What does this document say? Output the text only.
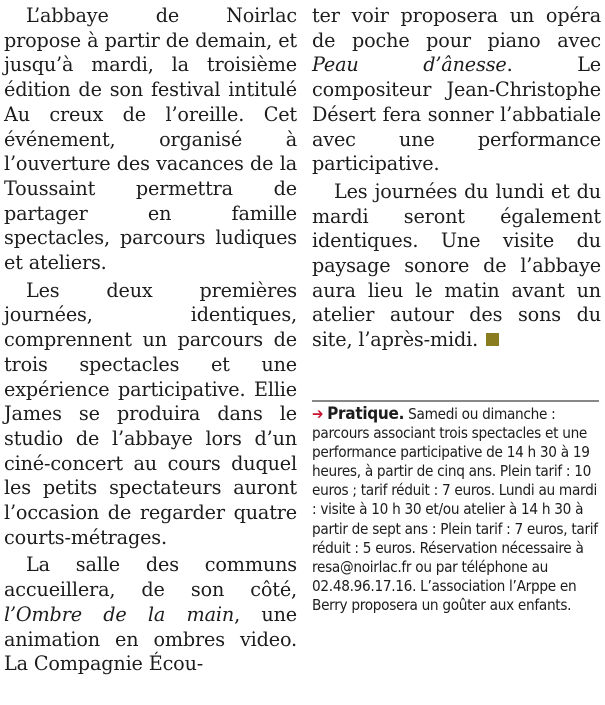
L’abbaye de Noirlac propose à partir de demain, et jusqu’à mardi, la troisième édition de son festival intitulé Au creux de l’oreille. Cet événement, organisé à l’ouverture des vacances de la Toussaint permettra de partager en famille spectacles, parcours ludiques et ateliers.

Les deux premières journées, identiques, comprennent un parcours de trois spectacles et une expérience participative. Ellie James se produira dans le studio de l’abbaye lors d’un ciné-concert au cours duquel les petits spectateurs auront l’occasion de regarder quatre courts-métrages.

La salle des communs accueillera, de son côté, l’Ombre de la main, une animation en ombres video. La Compagnie Écou-

ter voir proposera un opéra de poche pour piano avec Peau d’ânesse. Le compositeur Jean-Christophe Désert fera sonner l’abbatiale avec une performance participative.

Les journées du lundi et du mardi seront également identiques. Une visite du paysage sonore de l’abbaye aura lieu le matin avant un atelier autour des sons du site, l’après-midi.

➔ Pratique. Samedi ou dimanche : parcours associant trois spectacles et une performance participative de 14 h 30 à 19 heures, à partir de cinq ans. Plein tarif : 10 euros ; tarif réduit : 7 euros. Lundi au mardi : visite à 10 h 30 et/ou atelier à 14 h 30 à partir de sept ans : Plein tarif : 7 euros, tarif réduit : 5 euros. Réservation nécessaire à resa@noirlac.fr ou par téléphone au 02.48.96.17.16. L’association l’Arppe en Berry proposera un goûter aux enfants.
